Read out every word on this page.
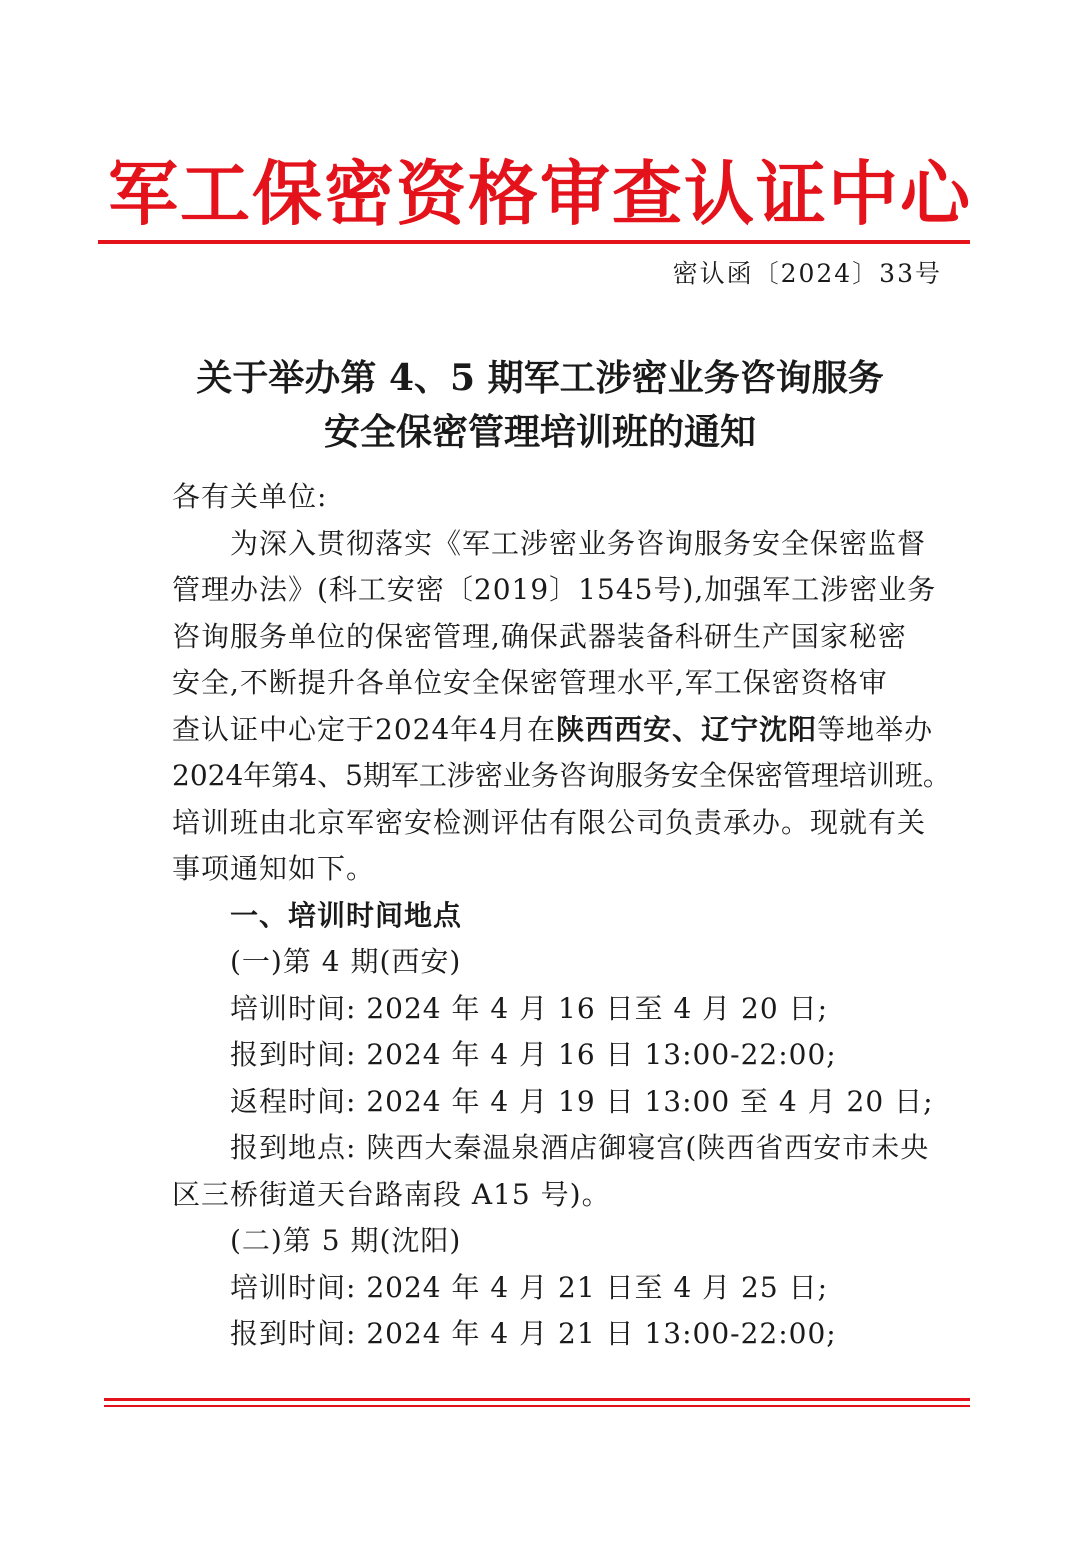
军工保密资格审查认证中心
密认函〔2024〕33号
关于举办第 4、5 期军工涉密业务咨询服务
安全保密管理培训班的通知
各有关单位:
为深入贯彻落实《军工涉密业务咨询服务安全保密监督
管理办法》(科工安密〔2019〕1545号),加强军工涉密业务
咨询服务单位的保密管理,确保武器装备科研生产国家秘密
安全,不断提升各单位安全保密管理水平,军工保密资格审
查认证中心定于2024年4月在陕西西安、辽宁沈阳等地举办
2024年第4、5期军工涉密业务咨询服务安全保密管理培训班。
培训班由北京军密安检测评估有限公司负责承办。现就有关
事项通知如下。
一、培训时间地点
(一)第 4 期(西安)
培训时间: 2024 年 4 月 16 日至 4 月 20 日;
报到时间: 2024 年 4 月 16 日 13:00-22:00;
返程时间: 2024 年 4 月 19 日 13:00 至 4 月 20 日;
报到地点: 陕西大秦温泉酒店御寝宫(陕西省西安市未央
区三桥街道天台路南段 A15 号)。
(二)第 5 期(沈阳)
培训时间: 2024 年 4 月 21 日至 4 月 25 日;
报到时间: 2024 年 4 月 21 日 13:00-22:00;
